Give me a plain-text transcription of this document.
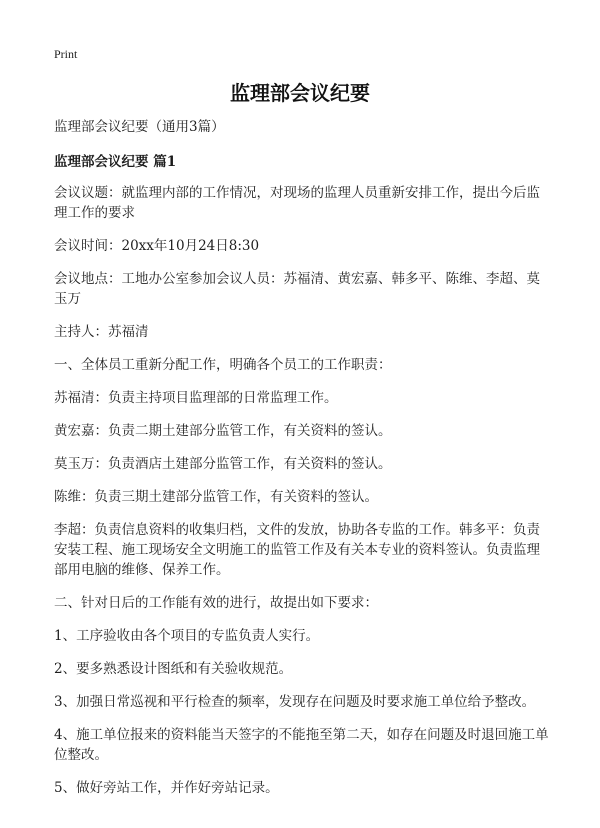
Print
监理部会议纪要

监理部会议纪要（通用3篇）

监理部会议纪要 篇1

会议议题：就监理内部的工作情况，对现场的监理人员重新安排工作，提出今后监理工作的要求

会议时间：20xx年10月24日8:30

会议地点：工地办公室参加会议人员：苏福清、黄宏嘉、韩多平、陈维、李超、莫玉万

主持人：苏福清

一、全体员工重新分配工作，明确各个员工的工作职责：

苏福清：负责主持项目监理部的日常监理工作。

黄宏嘉：负责二期土建部分监管工作，有关资料的签认。

莫玉万：负责酒店土建部分监管工作，有关资料的签认。

陈维：负责三期土建部分监管工作，有关资料的签认。

李超：负责信息资料的收集归档，文件的发放，协助各专监的工作。韩多平：负责安装工程、施工现场安全文明施工的监管工作及有关本专业的资料签认。负责监理部用电脑的维修、保养工作。

二、针对日后的工作能有效的进行，故提出如下要求：

1、工序验收由各个项目的专监负责人实行。

2、要多熟悉设计图纸和有关验收规范。

3、加强日常巡视和平行检查的频率，发现存在问题及时要求施工单位给予整改。

4、施工单位报来的资料能当天签字的不能拖至第二天，如存在问题及时退回施工单位整改。

5、做好旁站工作，并作好旁站记录。
